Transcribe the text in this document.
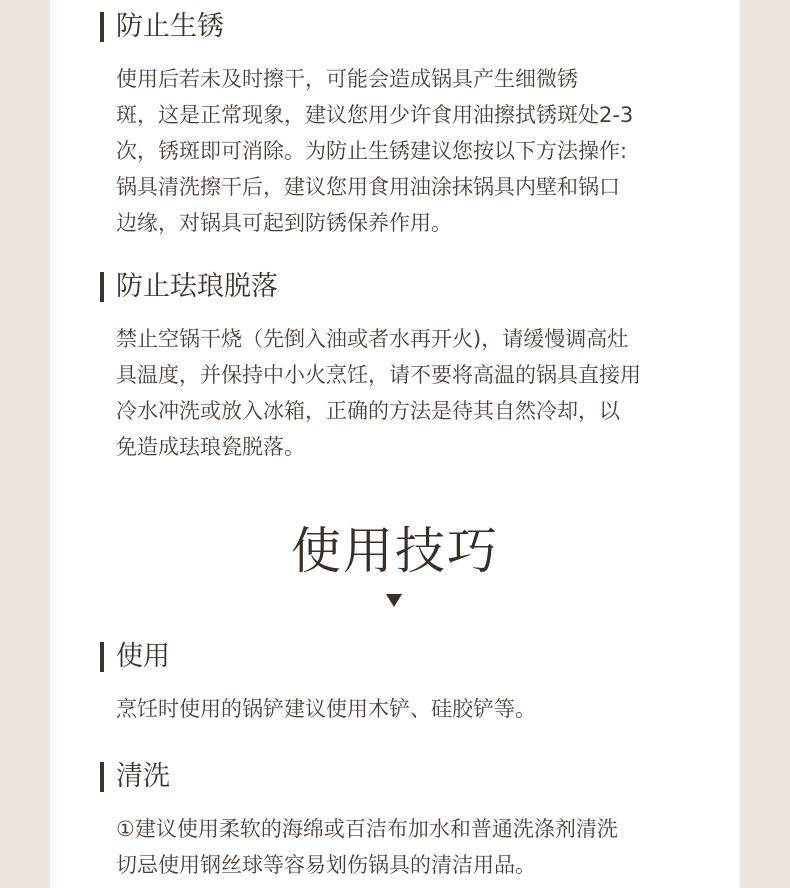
防止生锈
使用后若未及时擦干，可能会造成锅具产生细微锈
斑，这是正常现象，建议您用少许食用油擦拭锈斑处2-3
次，锈斑即可消除。为防止生锈建议您按以下方法操作:
锅具清洗擦干后，建议您用食用油涂抹锅具内壁和锅口
边缘，对锅具可起到防锈保养作用。
防止珐琅脱落
禁止空锅干烧（先倒入油或者水再开火)，请缓慢调高灶
具温度，并保持中小火烹饪，请不要将高温的锅具直接用
冷水冲洗或放入冰箱，正确的方法是待其自然冷却，以
免造成珐琅瓷脱落。
使用技巧
使用
烹饪时使用的锅铲建议使用木铲、硅胶铲等。
清洗
①建议使用柔软的海绵或百洁布加水和普通洗涤剂清洗
切忌使用钢丝球等容易划伤锅具的清洁用品。
